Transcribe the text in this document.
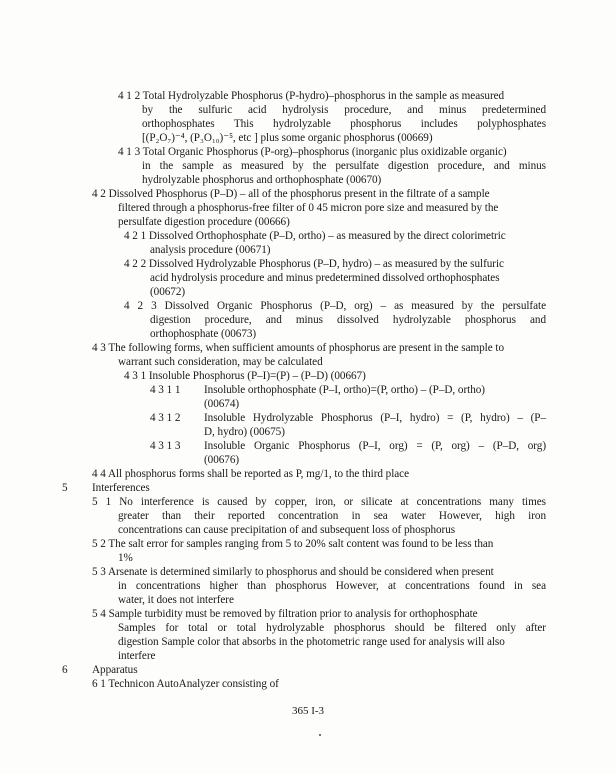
4 1 2 Total Hydrolyzable Phosphorus (P-hydro)–phosphorus in the sample as measured
by the sulfuric acid hydrolysis procedure, and minus predetermined
orthophosphates This hydrolyzable phosphorus includes polyphosphates
[(P₂O₇)⁻⁴, (P₃O₁₀)⁻⁵, etc ] plus some organic phosphorus (00669)
4 1 3 Total Organic Phosphorus (P-org)–phosphorus (inorganic plus oxidizable organic)
in the sample as measured by the persulfate digestion procedure, and minus
hydrolyzable phosphorus and orthophosphate (00670)
4 2 Dissolved Phosphorus (P–D) – all of the phosphorus present in the filtrate of a sample
filtered through a phosphorus-free filter of 0 45 micron pore size and measured by the
persulfate digestion procedure (00666)
4 2 1 Dissolved Orthophosphate (P–D, ortho) – as measured by the direct colorimetric
analysis procedure (00671)
4 2 2 Dissolved Hydrolyzable Phosphorus (P–D, hydro) – as measured by the sulfuric
acid hydrolysis procedure and minus predetermined dissolved orthophosphates
(00672)
4 2 3 Dissolved Organic Phosphorus (P–D, org) – as measured by the persulfate
digestion procedure, and minus dissolved hydrolyzable phosphorus and
orthophosphate (00673)
4 3 The following forms, when sufficient amounts of phosphorus are present in the sample to
warrant such consideration, may be calculated
4 3 1 Insoluble Phosphorus (P–I)=(P) – (P–D) (00667)
4 3 1 1 Insoluble orthophosphate (P–I, ortho)=(P, ortho) – (P–D, ortho)
(00674)
4 3 1 2 Insoluble Hydrolyzable Phosphorus (P–I, hydro) = (P, hydro) – (P–
D, hydro) (00675)
4 3 1 3 Insoluble Organic Phosphorus (P–I, org) = (P, org) – (P–D, org)
(00676)
4 4 All phosphorus forms shall be reported as P, mg/1, to the third place
5 Interferences
5 1 No interference is caused by copper, iron, or silicate at concentrations many times
greater than their reported concentration in sea water However, high iron
concentrations can cause precipitation of and subsequent loss of phosphorus
5 2 The salt error for samples ranging from 5 to 20% salt content was found to be less than
1%
5 3 Arsenate is determined similarly to phosphorus and should be considered when present
in concentrations higher than phosphorus However, at concentrations found in sea
water, it does not interfere
5 4 Sample turbidity must be removed by filtration prior to analysis for orthophosphate
Samples for total or total hydrolyzable phosphorus should be filtered only after
digestion Sample color that absorbs in the photometric range used for analysis will also
interfere
6 Apparatus
6 1 Technicon AutoAnalyzer consisting of
365 I-3
